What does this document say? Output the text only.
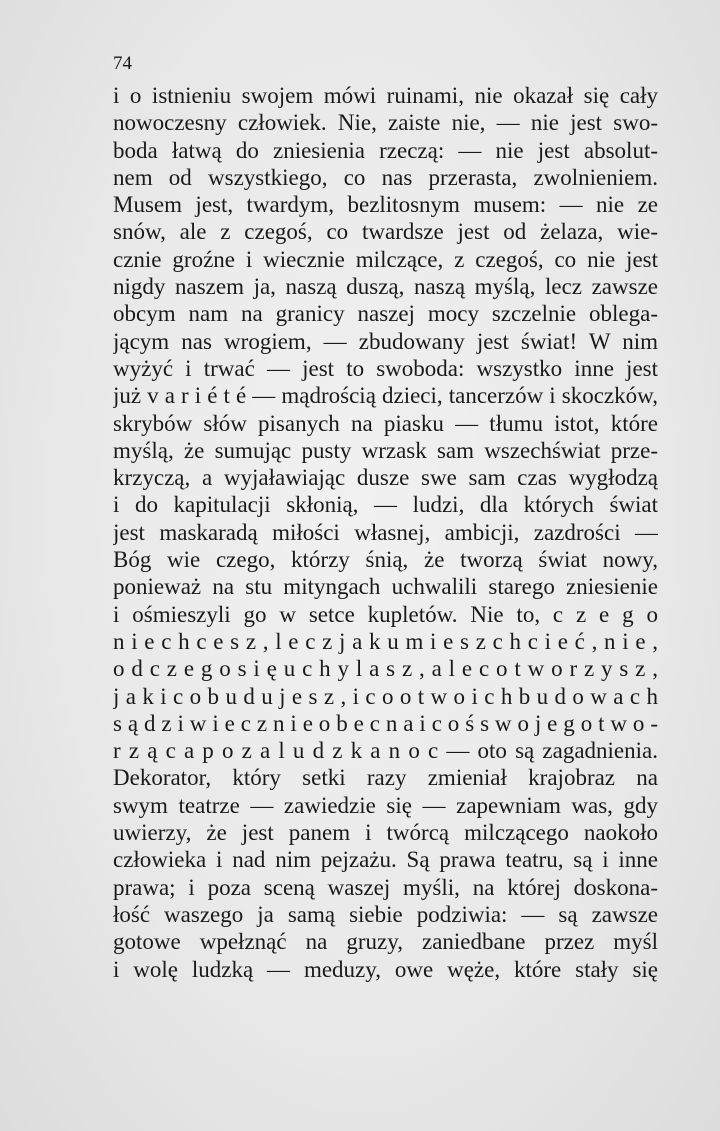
74
i o istnieniu swojem mówi ruinami, nie okazał się cały
nowoczesny człowiek. Nie, zaiste nie, — nie jest swo-
boda łatwą do zniesienia rzeczą: — nie jest absolut-
nem od wszystkiego, co nas przerasta, zwolnieniem.
Musem jest, twardym, bezlitosnym musem: — nie ze
snów, ale z czegoś, co twardsze jest od żelaza, wie-
cznie groźne i wiecznie milczące, z czegoś, co nie jest
nigdy naszem ja, naszą duszą, naszą myślą, lecz zawsze
obcym nam na granicy naszej mocy szczelnie oblega-
jącym nas wrogiem, — zbudowany jest świat! W nim
wyżyć i trwać — jest to swoboda: wszystko inne jest
już v a r i é t é — mądrością dzieci, tancerzów i skoczków,
skrybów słów pisanych na piasku — tłumu istot, które
myślą, że sumując pusty wrzask sam wszechświat prze-
krzyczą, a wyjaławiając dusze swe sam czas wygłodzą
i do kapitulacji skłonią, — ludzi, dla których świat
jest maskaradą miłości własnej, ambicji, zazdrości —
Bóg wie czego, którzy śnią, że tworzą świat nowy,
ponieważ na stu mityngach uchwalili starego zniesienie
i ośmieszyli go w setce kupletów. Nie to, c z e g o
n i e c h c e s z , l e c z j a k u m i e s z c h c i e ć , n i e ,
o d c z e g o s i ę u c h y l a s z , a l e c o t w o r z y s z ,
j a k i c o b u d u j e s z , i c o o t w o i c h b u d o w a c h
s ą d z i w i e c z n i e o b e c n a i c o ś s w o j e g o t w o -
r z ą c a p o z a l u d z k a n o c — oto są zagadnienia.
Dekorator, który setki razy zmieniał krajobraz na
swym teatrze — zawiedzie się — zapewniam was, gdy
uwierzy, że jest panem i twórcą milczącego naokoło
człowieka i nad nim pejzażu. Są prawa teatru, są i inne
prawa; i poza sceną waszej myśli, na której doskona-
łość waszego ja samą siebie podziwia: — są zawsze
gotowe wpełznąć na gruzy, zaniedbane przez myśl
i wolę ludzką — meduzy, owe węże, które stały się
